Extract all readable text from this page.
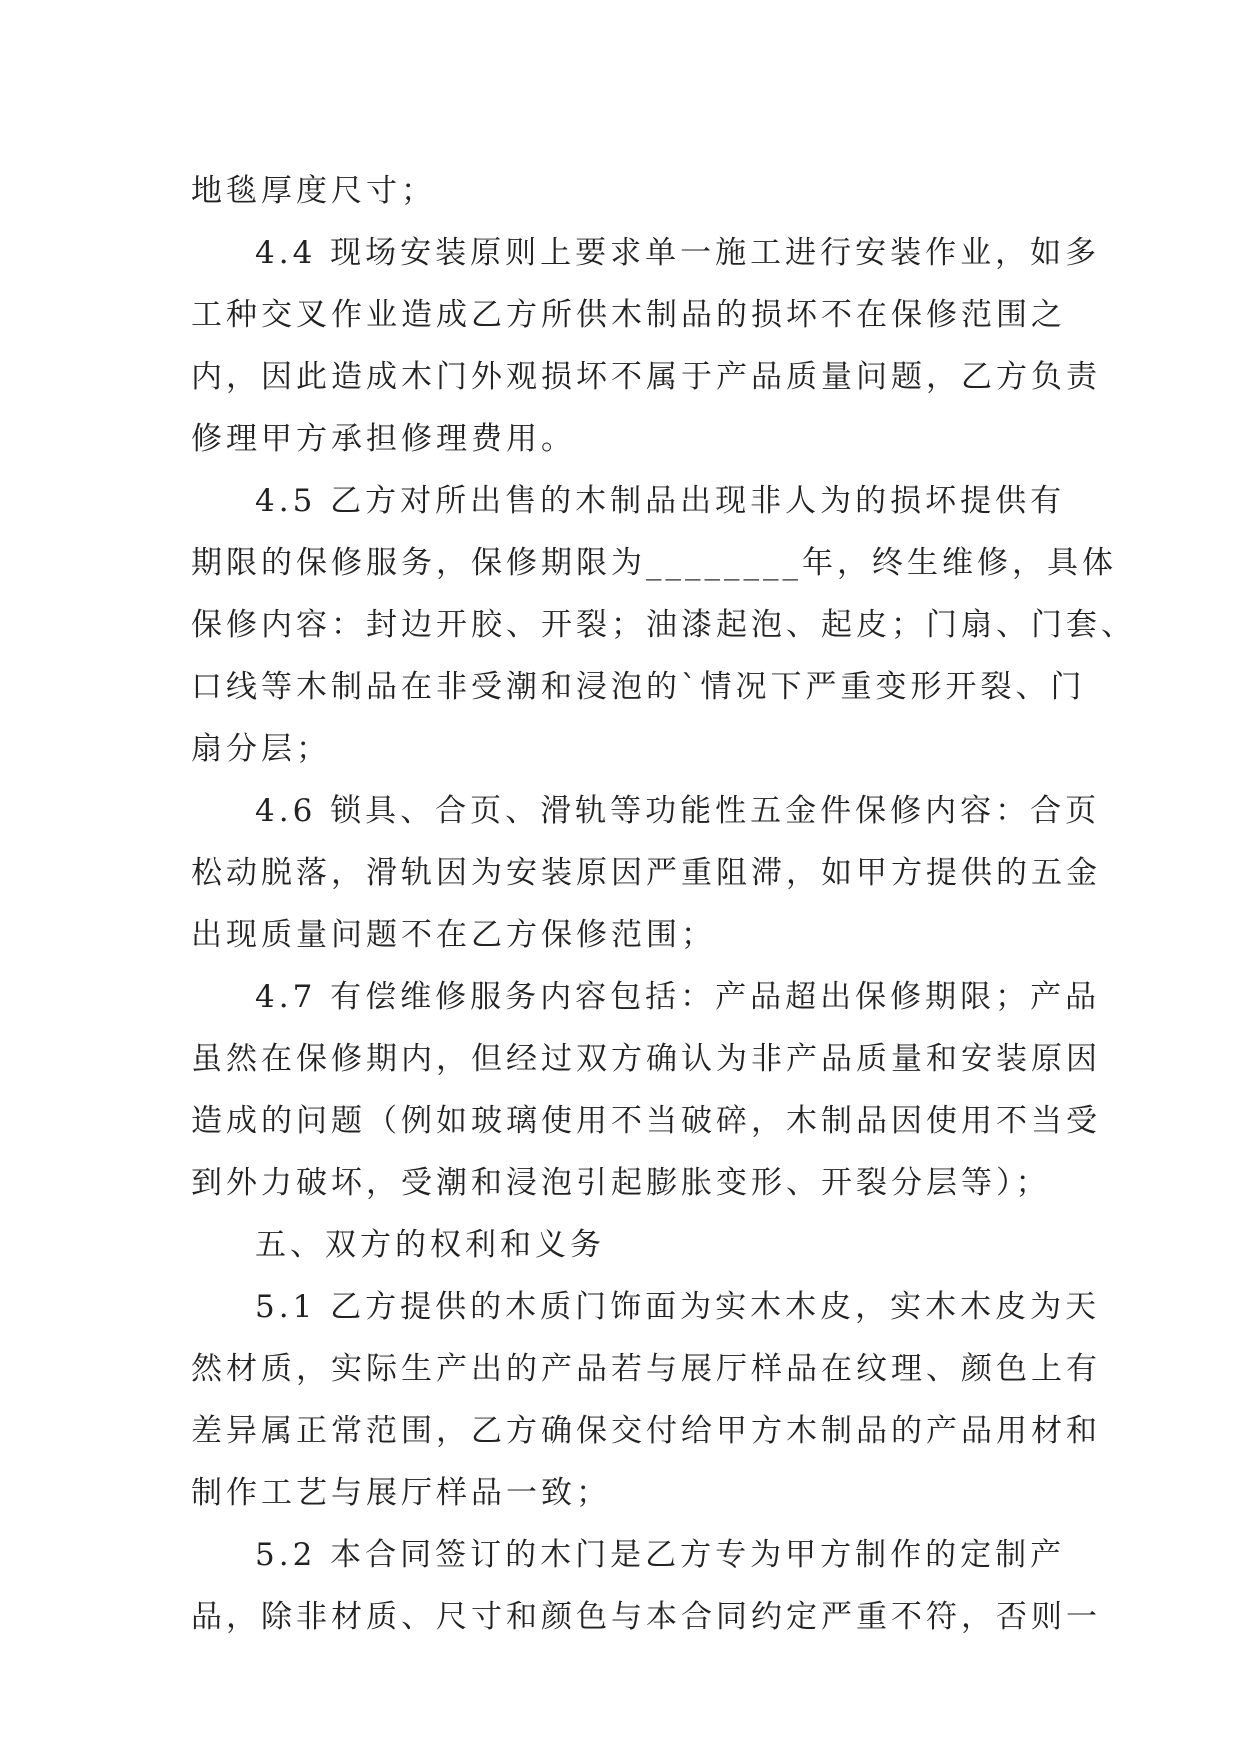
地毯厚度尺寸；
4.4 现场安装原则上要求单一施工进行安装作业，如多
工种交叉作业造成乙方所供木制品的损坏不在保修范围之
内，因此造成木门外观损坏不属于产品质量问题，乙方负责
修理甲方承担修理费用。
4.5 乙方对所出售的木制品出现非人为的损坏提供有
期限的保修服务，保修期限为________年，终生维修，具体
保修内容：封边开胶、开裂；油漆起泡、起皮；门扇、门套、
口线等木制品在非受潮和浸泡的`情况下严重变形开裂、门
扇分层；
4.6 锁具、合页、滑轨等功能性五金件保修内容：合页
松动脱落，滑轨因为安装原因严重阻滞，如甲方提供的五金
出现质量问题不在乙方保修范围；
4.7 有偿维修服务内容包括：产品超出保修期限；产品
虽然在保修期内，但经过双方确认为非产品质量和安装原因
造成的问题（例如玻璃使用不当破碎，木制品因使用不当受
到外力破坏，受潮和浸泡引起膨胀变形、开裂分层等）；
五、双方的权利和义务
5.1 乙方提供的木质门饰面为实木木皮，实木木皮为天
然材质，实际生产出的产品若与展厅样品在纹理、颜色上有
差异属正常范围，乙方确保交付给甲方木制品的产品用材和
制作工艺与展厅样品一致；
5.2 本合同签订的木门是乙方专为甲方制作的定制产
品，除非材质、尺寸和颜色与本合同约定严重不符，否则一
